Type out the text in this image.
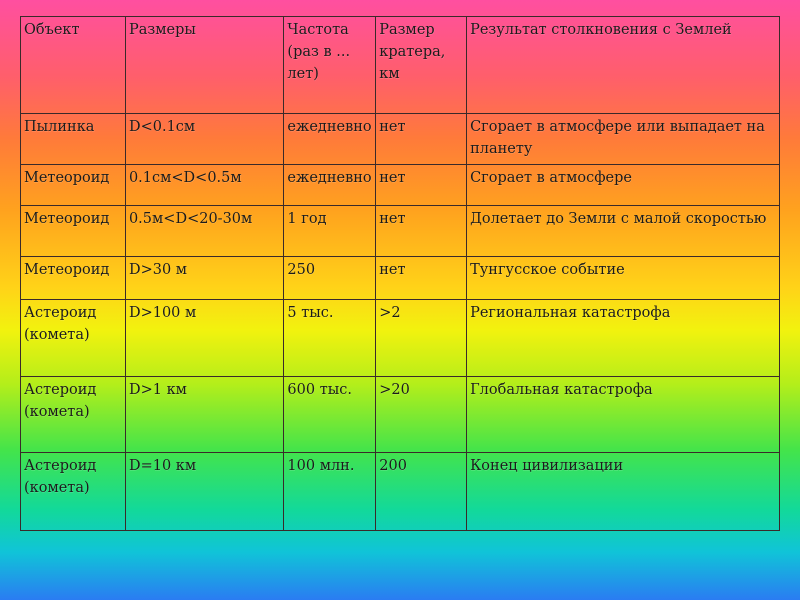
Объект	Размеры	Частота (раз в ... лет)	Размер кратера, км	Результат столкновения с Землей
Пылинка	D<0.1см	ежедневно	нет	Сгорает в атмосфере или выпадает на планету
Метеороид	0.1см<D<0.5м	ежедневно	нет	Сгорает в атмосфере
Метеороид	0.5м<D<20-30м	1 год	нет	Долетает до Земли с малой скоростью
Метеороид	D>30 м	250	нет	Тунгусское событие
Астероид (комета)	D>100 м	5 тыс.	>2	Региональная катастрофа
Астероид (комета)	D>1 км	600 тыс.	>20	Глобальная катастрофа
Астероид (комета)	D=10 км	100 млн.	200	Конец цивилизации
